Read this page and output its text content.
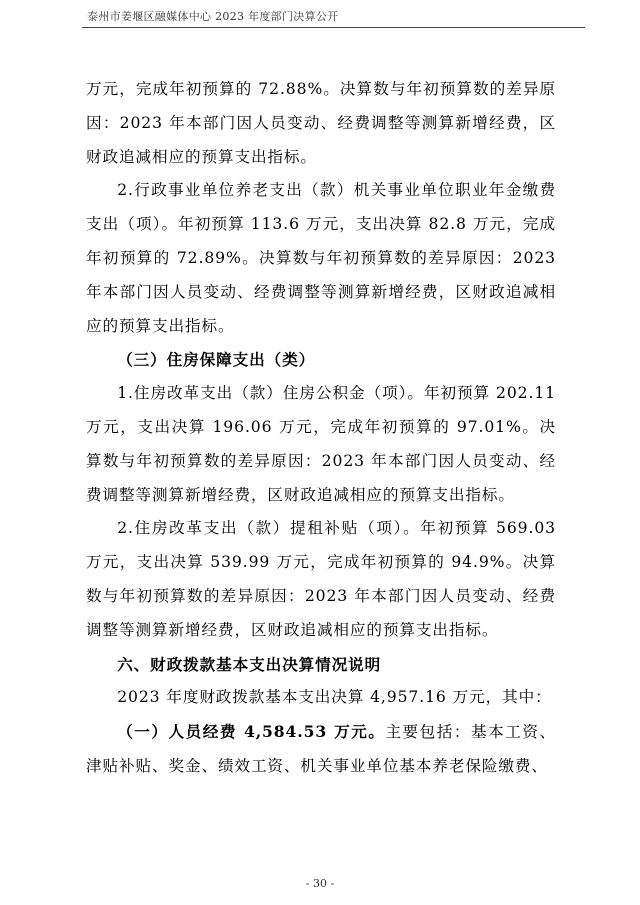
泰州市姜堰区融媒体中心 2023 年度部门决算公开

万元，完成年初预算的 72.88%。决算数与年初预算数的差异原因：2023 年本部门因人员变动、经费调整等测算新增经费，区财政追减相应的预算支出指标。

2.行政事业单位养老支出（款）机关事业单位职业年金缴费支出（项）。年初预算 113.6 万元，支出决算 82.8 万元，完成年初预算的 72.89%。决算数与年初预算数的差异原因：2023 年本部门因人员变动、经费调整等测算新增经费，区财政追减相应的预算支出指标。

（三）住房保障支出（类）

1.住房改革支出（款）住房公积金（项）。年初预算 202.11 万元，支出决算 196.06 万元，完成年初预算的 97.01%。决算数与年初预算数的差异原因：2023 年本部门因人员变动、经费调整等测算新增经费，区财政追减相应的预算支出指标。

2.住房改革支出（款）提租补贴（项）。年初预算 569.03 万元，支出决算 539.99 万元，完成年初预算的 94.9%。决算数与年初预算数的差异原因：2023 年本部门因人员变动、经费调整等测算新增经费，区财政追减相应的预算支出指标。

六、财政拨款基本支出决算情况说明

2023 年度财政拨款基本支出决算 4,957.16 万元，其中：

（一）人员经费 4,584.53 万元。主要包括：基本工资、津贴补贴、奖金、绩效工资、机关事业单位基本养老保险缴费、

- 30 -
